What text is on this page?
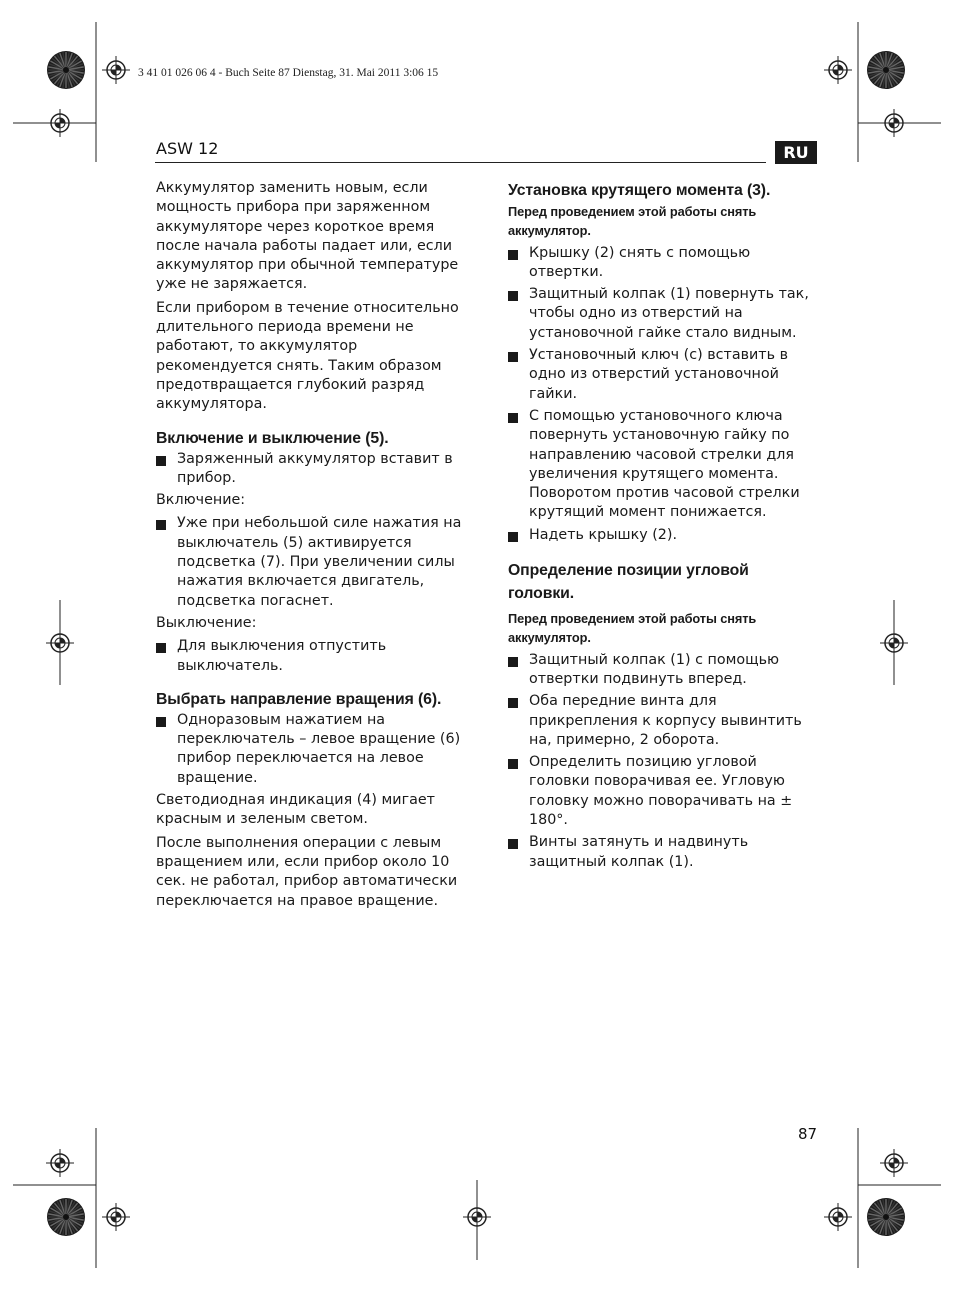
3 41 01 026 06 4 - Buch Seite 87 Dienstag, 31. Mai 2011 3:06 15
ASW 12	RU

Аккумулятор заменить новым, если мощность прибора при заряженном аккумуляторе через короткое время после начала работы падает или, если аккумулятор при обычной температуре уже не заряжается.

Если прибором в течение относительно длительного периода времени не работают, то аккумулятор рекомендуется снять. Таким образом предотвращается глубокий разряд аккумулятора.

Включение и выключение (5).
Заряженный аккумулятор вставит в прибор.

Включение:

Уже при небольшой силе нажатия на выключатель (5) активируется подсветка (7). При увеличении силы нажатия включается двигатель, подсветка погаснет.

Выключение:

Для выключения отпустить выключатель.
Выбрать направление вращения (6).
Одноразовым нажатием на переключатель – левое вращение (6) прибор переключается на левое вращение.

Светодиодная индикация (4) мигает красным и зеленым светом.

После выполнения операции с левым вращением или, если прибор около 10 сек. не работал, прибор автоматически переключается на правое вращение.

Установка крутящего момента (3).
Перед проведением этой работы снять аккумулятор.
Крышку (2) снять с помощью отвертки.
Защитный колпак (1) повернуть так, чтобы одно из отверстий на установочной гайке стало видным.
Установочный ключ (с) вставить в одно из отверстий установочной гайки.
С помощью установочного ключа повернуть установочную гайку по направлению часовой стрелки для увеличения крутящего момента. Поворотом против часовой стрелки крутящий момент понижается.
Надеть крышку (2).
Определение позиции угловой головки.
Перед проведением этой работы снять аккумулятор.
Защитный колпак (1) с помощью отвертки подвинуть вперед.
Оба передние винта для прикрепления к корпусу вывинтить на, примерно, 2 оборота.
Определить позицию угловой головки поворачивая ее. Угловую головку можно поворачивать на ± 180°.
Винты затянуть и надвинуть защитный колпак (1).
87
